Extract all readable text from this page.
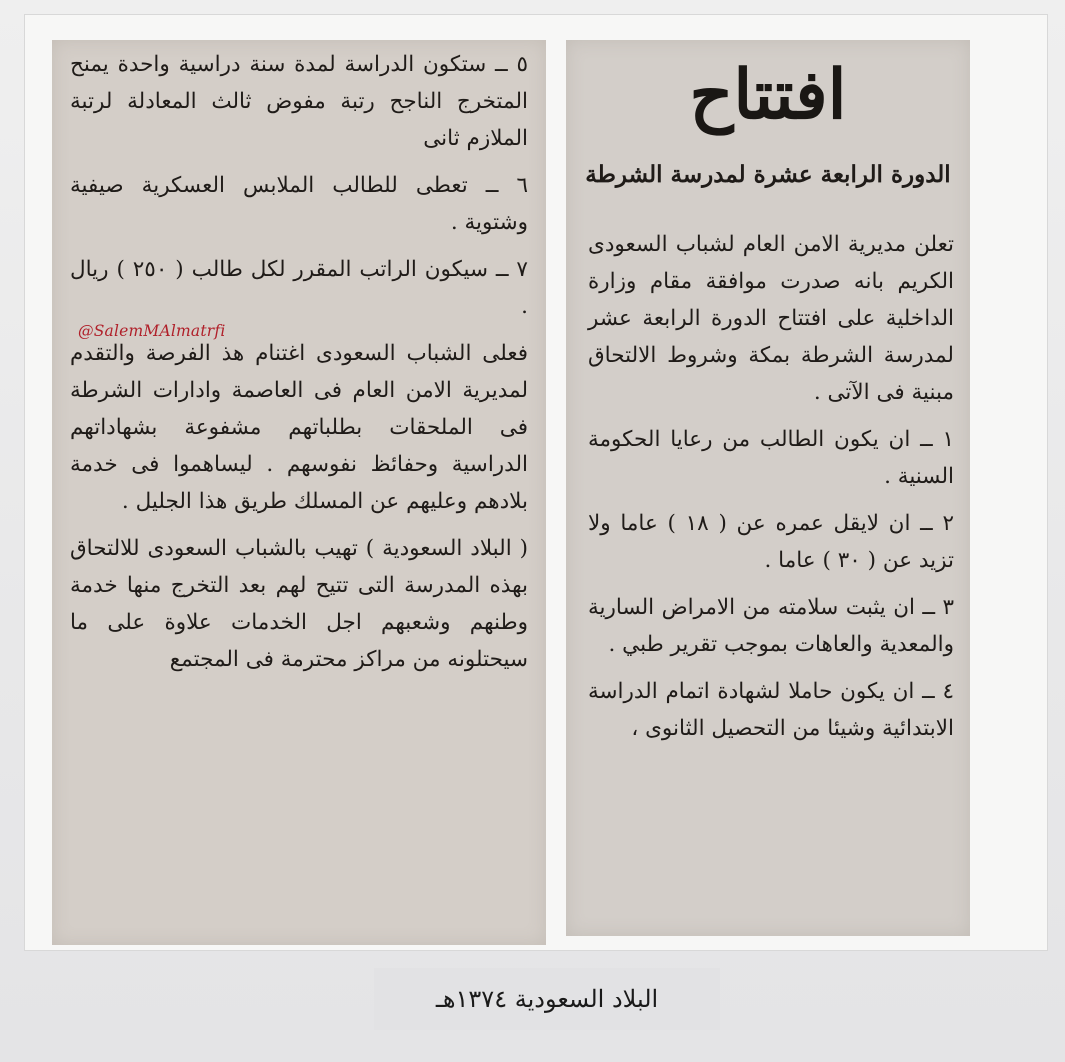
افتتاح
الدورة الرابعة عشرة لمدرسة الشرطة

تعلن مديرية الامن العام لشباب السعودى الكريم بانه صدرت موافقة مقام وزارة الداخلية على افتتاح الدورة الرابعة عشر لمدرسة الشرطة بمكة وشروط الالتحاق مبنية فى الآتى .

١ ــ ان يكون الطالب من رعايا الحكومة السنية .

٢ ــ ان لايقل عمره عن ( ١٨ ) عاما ولا تزيد عن ( ٣٠ ) عاما .

٣ ــ ان يثبت سلامته من الامراض السارية والمعدية والعاهات بموجب تقرير طبي .

٤ ــ ان يكون حاملا لشهادة اتمام الدراسة الابتدائية وشيئا من التحصيل الثانوى ،

٥ ــ ستكون الدراسة لمدة سنة دراسية واحدة يمنح المتخرج الناجح رتبة مفوض ثالث المعادلة لرتبة الملازم ثانى

٦ ــ تعطى للطالب الملابس العسكرية صيفية وشتوية .

٧ ــ سيكون الراتب المقرر لكل طالب ( ٢٥٠ ) ريال .

فعلى الشباب السعودى اغتنام هذ الفرصة والتقدم لمديرية الامن العام فى العاصمة وادارات الشرطة فى الملحقات بطلباتهم مشفوعة بشهاداتهم الدراسية وحفائظ نفوسهم . ليساهموا فى خدمة بلادهم وعليهم عن المسلك طريق هذا الجليل .

( البلاد السعودية ) تهيب بالشباب السعودى للالتحاق بهذه المدرسة التى تتيح لهم بعد التخرج منها خدمة وطنهم وشعبهم اجل الخدمات علاوة على ما سيحتلونه من مراكز محترمة فى المجتمع

@SalemMAlmatrfi
البلاد السعودية ١٣٧٤هـ
